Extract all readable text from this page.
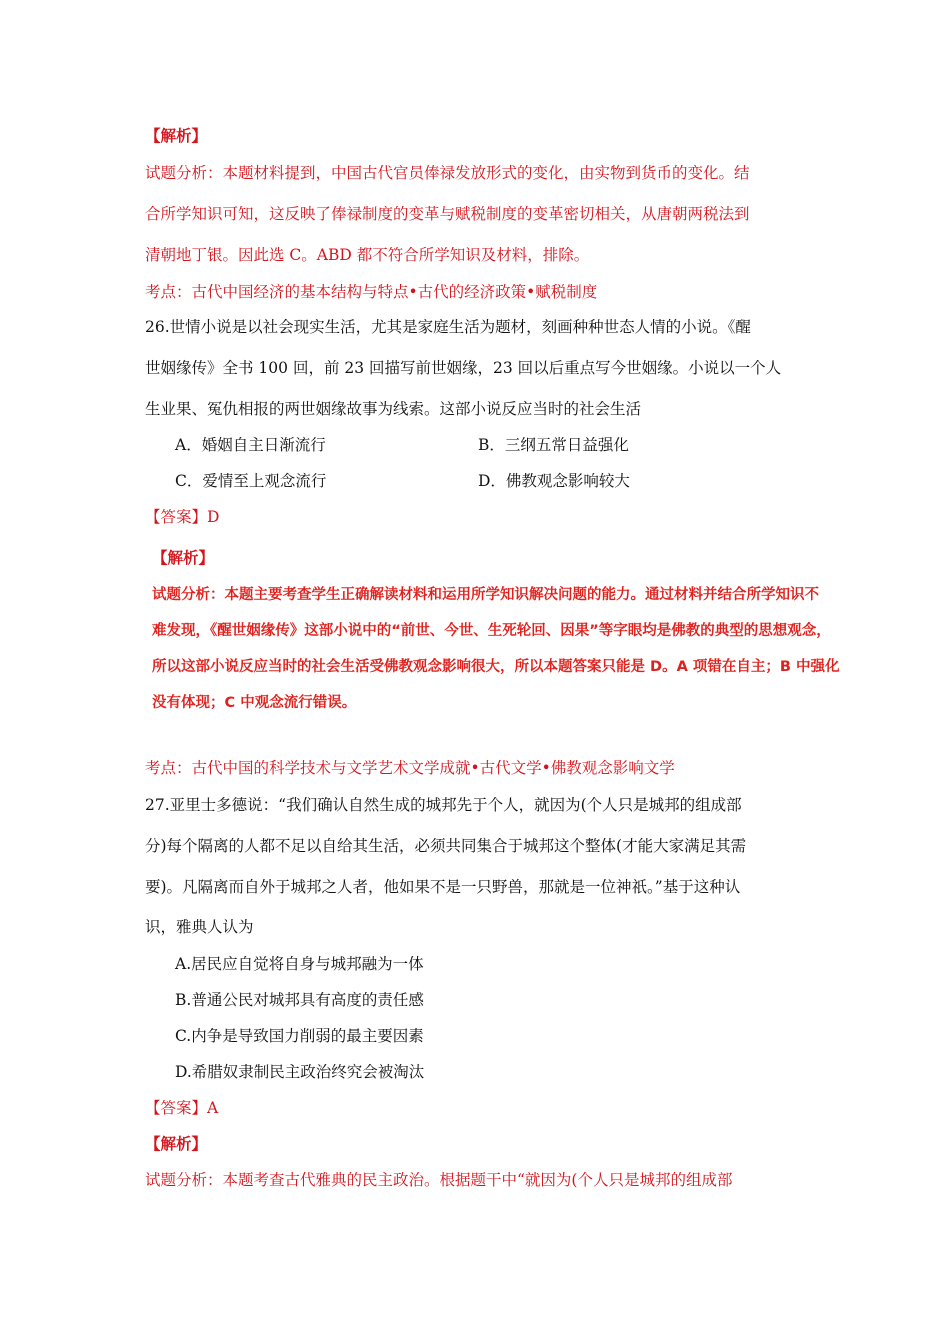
【解析】
试题分析：本题材料提到，中国古代官员俸禄发放形式的变化，由实物到货币的变化。结
合所学知识可知，这反映了俸禄制度的变革与赋税制度的变革密切相关，从唐朝两税法到
清朝地丁银。因此选 C。ABD 都不符合所学知识及材料，排除。
考点：古代中国经济的基本结构与特点•古代的经济政策•赋税制度
26.世情小说是以社会现实生活，尤其是家庭生活为题材，刻画种种世态人情的小说。《醒
世姻缘传》全书 100 回，前 23 回描写前世姻缘，23 回以后重点写今世姻缘。小说以一个人
生业果、冤仇相报的两世姻缘故事为线索。这部小说反应当时的社会生活
A．婚姻自主日渐流行	B．三纲五常日益强化
C．爱情至上观念流行	D．佛教观念影响较大
【答案】D
【解析】
试题分析：本题主要考查学生正确解读材料和运用所学知识解决问题的能力。通过材料并结合所学知识不
难发现，《醒世姻缘传》这部小说中的“前世、今世、生死轮回、因果”等字眼均是佛教的典型的思想观念，
所以这部小说反应当时的社会生活受佛教观念影响很大，所以本题答案只能是 D。A 项错在自主；B 中强化
没有体现；C 中观念流行错误。
考点：古代中国的科学技术与文学艺术文学成就•古代文学•佛教观念影响文学
27.亚里士多德说：“我们确认自然生成的城邦先于个人，就因为(个人只是城邦的组成部
分)每个隔离的人都不足以自给其生活，必须共同集合于城邦这个整体(才能大家满足其需
要)。凡隔离而自外于城邦之人者，他如果不是一只野兽，那就是一位神祇。”基于这种认
识，雅典人认为
A.居民应自觉将自身与城邦融为一体
B.普通公民对城邦具有高度的责任感
C.内争是导致国力削弱的最主要因素
D.希腊奴隶制民主政治终究会被淘汰
【答案】A
【解析】
试题分析：本题考查古代雅典的民主政治。根据题干中“就因为(个人只是城邦的组成部
